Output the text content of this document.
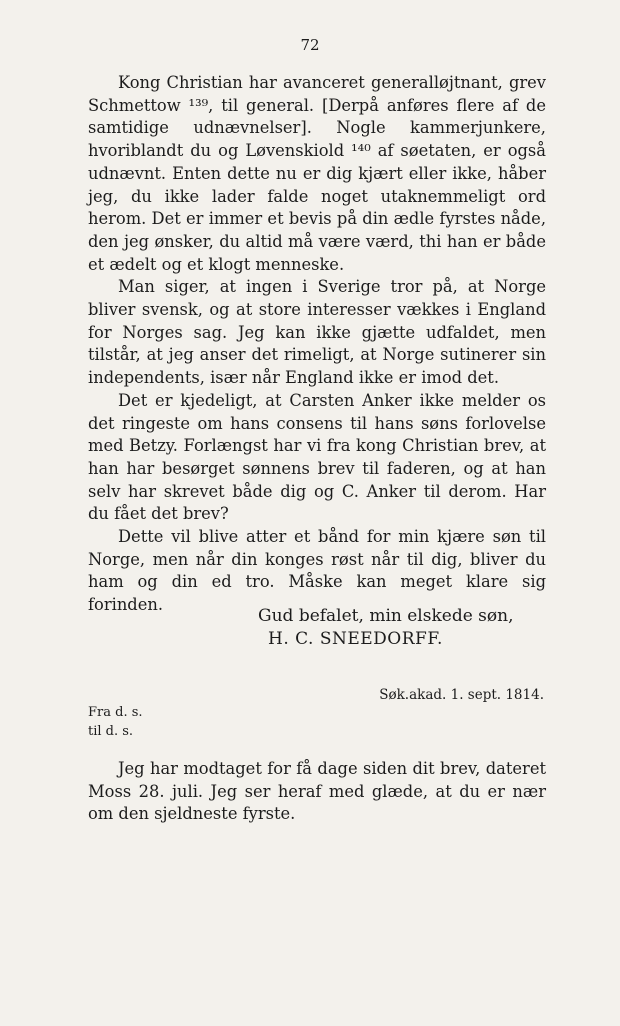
72

Kong Christian har avanceret generalløjtnant, grev Schmettow ¹³⁹, til general. [Derpå anføres flere af de samtidige udnævnelser]. Nogle kammerjunkere, hvoriblandt du og Løvenskiold ¹⁴⁰ af søetaten, er også udnævnt. Enten dette nu er dig kjært eller ikke, håber jeg, du ikke lader falde noget utaknemmeligt ord herom. Det er immer et bevis på din ædle fyrstes nåde, den jeg ønsker, du altid må være værd, thi han er både et ædelt og et klogt menneske.

Man siger, at ingen i Sverige tror på, at Norge bliver svensk, og at store interesser vækkes i England for Norges sag. Jeg kan ikke gjætte udfaldet, men tilstår, at jeg anser det rimeligt, at Norge sutinerer sin independents, især når England ikke er imod det.

Det er kjedeligt, at Carsten Anker ikke melder os det ringeste om hans consens til hans søns forlovelse med Betzy. Forlængst har vi fra kong Christian brev, at han har besørget sønnens brev til faderen, og at han selv har skrevet både dig og C. Anker til derom. Har du fået det brev?

Dette vil blive atter et bånd for min kjære søn til Norge, men når din konges røst når til dig, bliver du ham og din ed tro. Måske kan meget klare sig forinden.

Gud befalet, min elskede søn,
H. C. SNEEDORFF.
Søk.akad. 1. sept. 1814.
Fra d. s.
til d. s.

Jeg har modtaget for få dage siden dit brev, dateret Moss 28. juli. Jeg ser heraf med glæde, at du er nær om den sjeldneste fyrste.
